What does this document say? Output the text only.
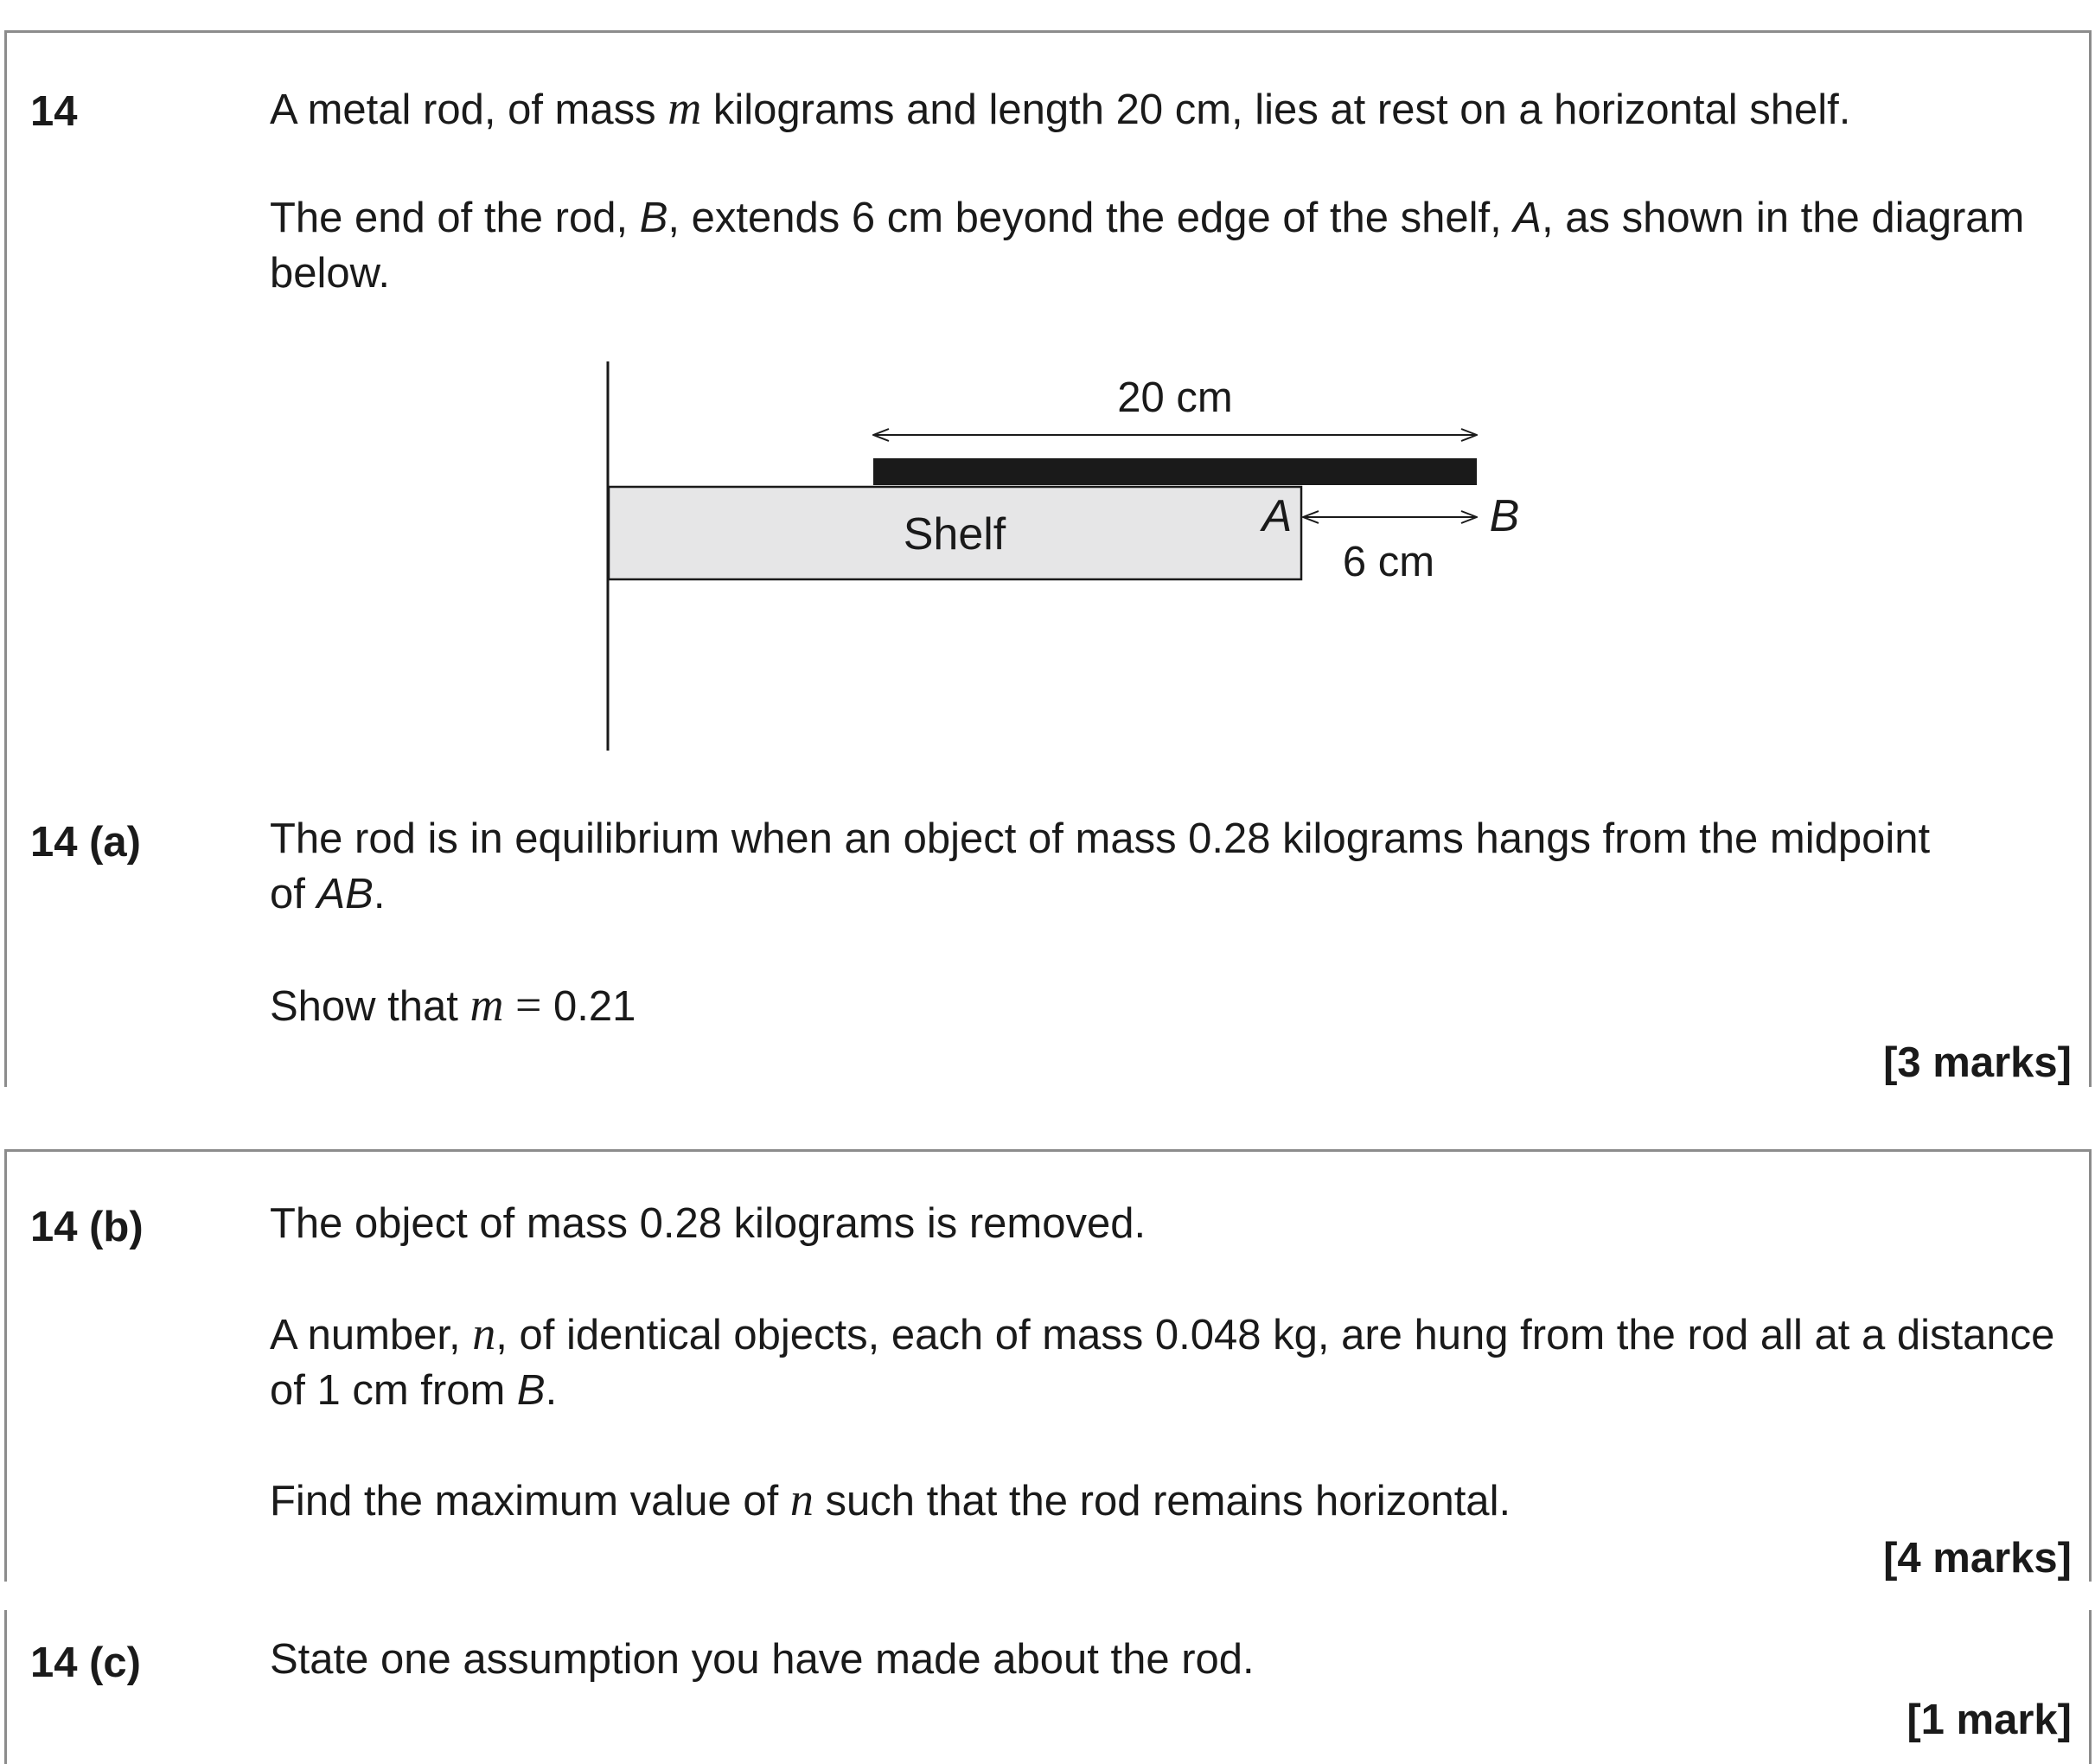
14	A metal rod, of mass m kilograms and length 20 cm, lies at rest on a horizontal shelf.
The end of the rod, B, extends 6 cm beyond the edge of the shelf, A, as shown in the diagram below.
20 cm
Shelf	A	B
6 cm
14 (a)	The rod is in equilibrium when an object of mass 0.28 kilograms hangs from the midpoint of AB.
Show that m = 0.21
[3 marks]
14 (b)	The object of mass 0.28 kilograms is removed.
A number, n, of identical objects, each of mass 0.048 kg, are hung from the rod all at a distance of 1 cm from B.
Find the maximum value of n such that the rod remains horizontal.
[4 marks]
14 (c)	State one assumption you have made about the rod.
[1 mark]
